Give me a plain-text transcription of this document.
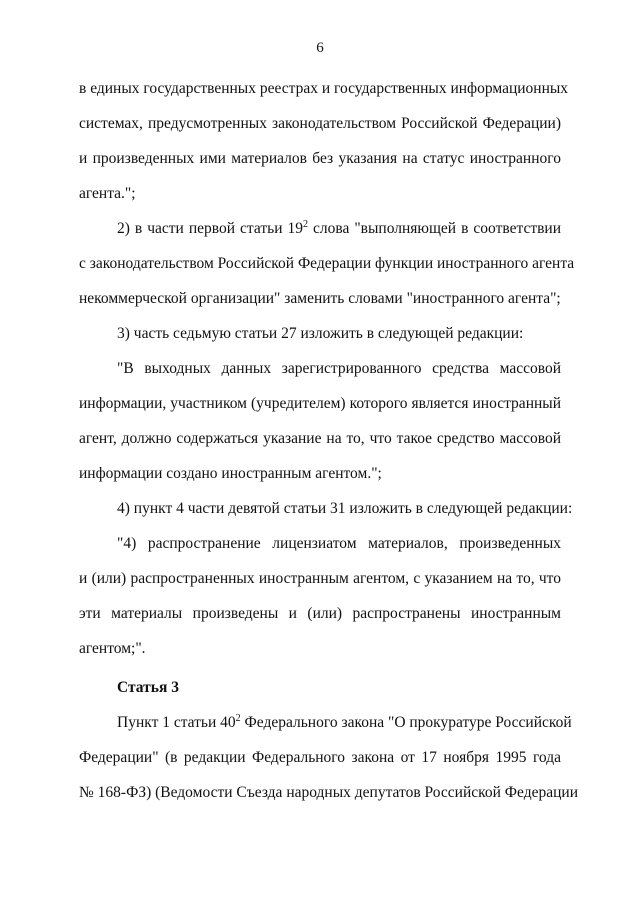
6
в единых государственных реестрах и государственных информационных
системах, предусмотренных законодательством Российской Федерации)
и произведенных ими материалов без указания на статус иностранного
агента.";
2) в части первой статьи $19^2$ слова "выполняющей в соответствии
с законодательством Российской Федерации функции иностранного агента
некоммерческой организации" заменить словами "иностранного агента";
3) часть седьмую статьи 27 изложить в следующей редакции:
"В выходных данных зарегистрированного средства массовой
информации, участником (учредителем) которого является иностранный
агент, должно содержаться указание на то, что такое средство массовой
информации создано иностранным агентом.";
4) пункт 4 части девятой статьи 31 изложить в следующей редакции:
"4) распространение лицензиатом материалов, произведенных
и (или) распространенных иностранным агентом, с указанием на то, что
эти материалы произведены и (или) распространены иностранным
агентом;".
Статья 3
Пункт 1 статьи $40^2$ Федерального закона "О прокуратуре Российской
Федерации" (в редакции Федерального закона от 17 ноября 1995 года
№ 168-ФЗ) (Ведомости Съезда народных депутатов Российской Федерации
